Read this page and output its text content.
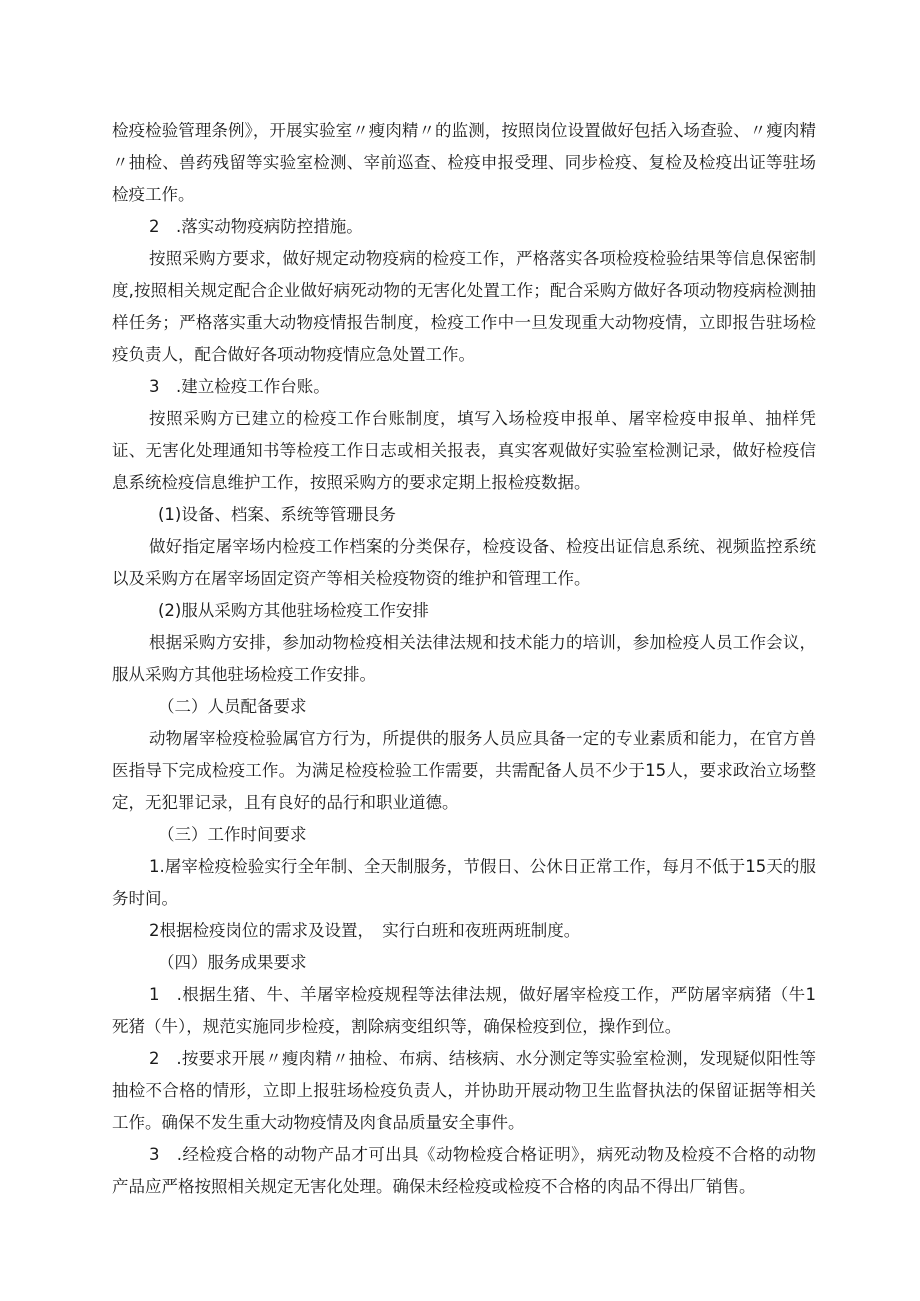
检疫检验管理条例》，开展实验室〃瘦肉精〃的监测，按照岗位设置做好包括入场查验、〃瘦肉精〃抽检、兽药残留等实验室检测、宰前巡查、检疫申报受理、同步检疫、复检及检疫出证等驻场检疫工作。

2　.落实动物疫病防控措施。

按照采购方要求，做好规定动物疫病的检疫工作，严格落实各项检疫检验结果等信息保密制度,按照相关规定配合企业做好病死动物的无害化处置工作；配合采购方做好各项动物疫病检测抽样任务；严格落实重大动物疫情报告制度，检疫工作中一旦发现重大动物疫情，立即报告驻场检疫负责人，配合做好各项动物疫情应急处置工作。

3　.建立检疫工作台账。

按照采购方已建立的检疫工作台账制度，填写入场检疫申报单、屠宰检疫申报单、抽样凭证、无害化处理通知书等检疫工作日志或相关报表，真实客观做好实验室检测记录，做好检疫信息系统检疫信息维护工作，按照采购方的要求定期上报检疫数据。

(1)设备、档案、系统等管珊艮务

做好指定屠宰场内检疫工作档案的分类保存，检疫设备、检疫出证信息系统、视频监控系统以及采购方在屠宰场固定资产等相关检疫物资的维护和管理工作。

(2)服从采购方其他驻场检疫工作安排

根据采购方安排，参加动物检疫相关法律法规和技术能力的培训，参加检疫人员工作会议，服从采购方其他驻场检疫工作安排。

（二）人员配备要求

动物屠宰检疫检验属官方行为，所提供的服务人员应具备一定的专业素质和能力，在官方兽医指导下完成检疫工作。为满足检疫检验工作需要，共需配备人员不少于15人，要求政治立场整定，无犯罪记录，且有良好的品行和职业道德。

（三）工作时间要求

1.屠宰检疫检验实行全年制、全天制服务，节假日、公休日正常工作，每月不低于15天的服务时间。

2根据检疫岗位的需求及设置，　实行白班和夜班两班制度。

（四）服务成果要求

1　.根据生猪、牛、羊屠宰检疫规程等法律法规，做好屠宰检疫工作，严防屠宰病猪（牛1死猪（牛），规范实施同步检疫，割除病变组织等，确保检疫到位，操作到位。

2　.按要求开展〃瘦肉精〃抽检、布病、结核病、水分测定等实验室检测，发现疑似阳性等抽检不合格的情形，立即上报驻场检疫负责人，并协助开展动物卫生监督执法的保留证据等相关工作。确保不发生重大动物疫情及肉食品质量安全事件。

3　.经检疫合格的动物产品才可出具《动物检疫合格证明》，病死动物及检疫不合格的动物产品应严格按照相关规定无害化处理。确保未经检疫或检疫不合格的肉品不得出厂销售。
